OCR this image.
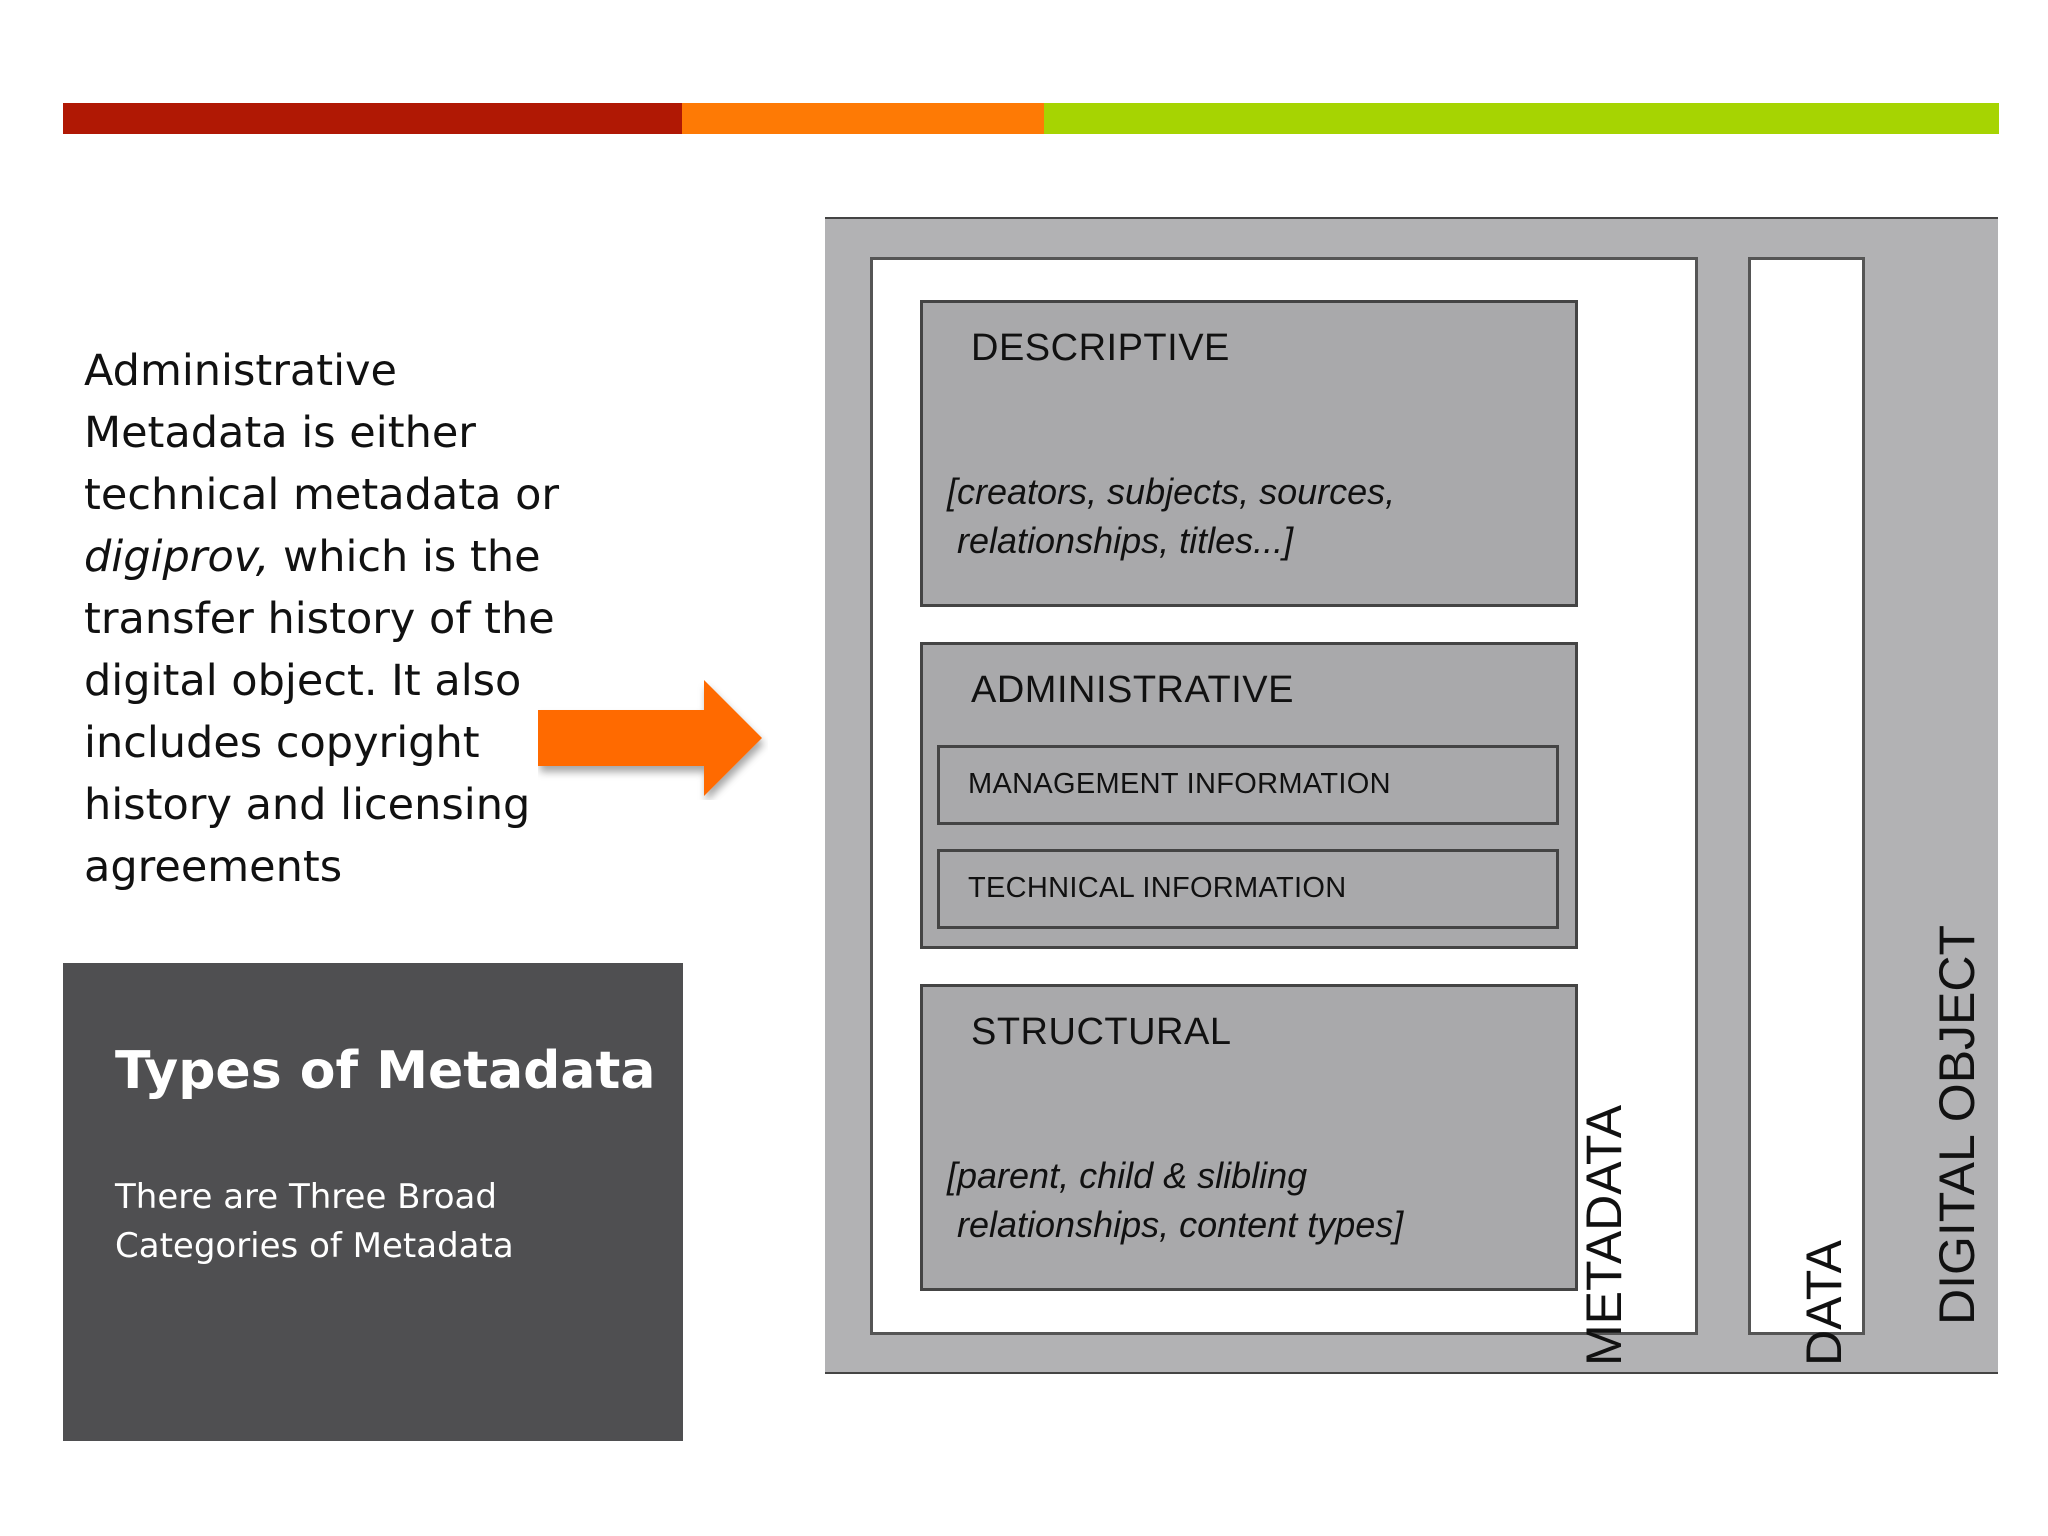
Administrative
Metadata is either
technical metadata or
digiprov, which is the
transfer history of the
digital object. It also
includes copyright
history and licensing
agreements
Types of Metadata
There are Three Broad Categories of Metadata
DESCRIPTIVE
[creators, subjects, sources,
relationships, titles...]
ADMINISTRATIVE
MANAGEMENT INFORMATION
TECHNICAL INFORMATION
STRUCTURAL
[parent, child & slibling
relationships, content types]	METADATA	DATA DIGITAL OBJECT
